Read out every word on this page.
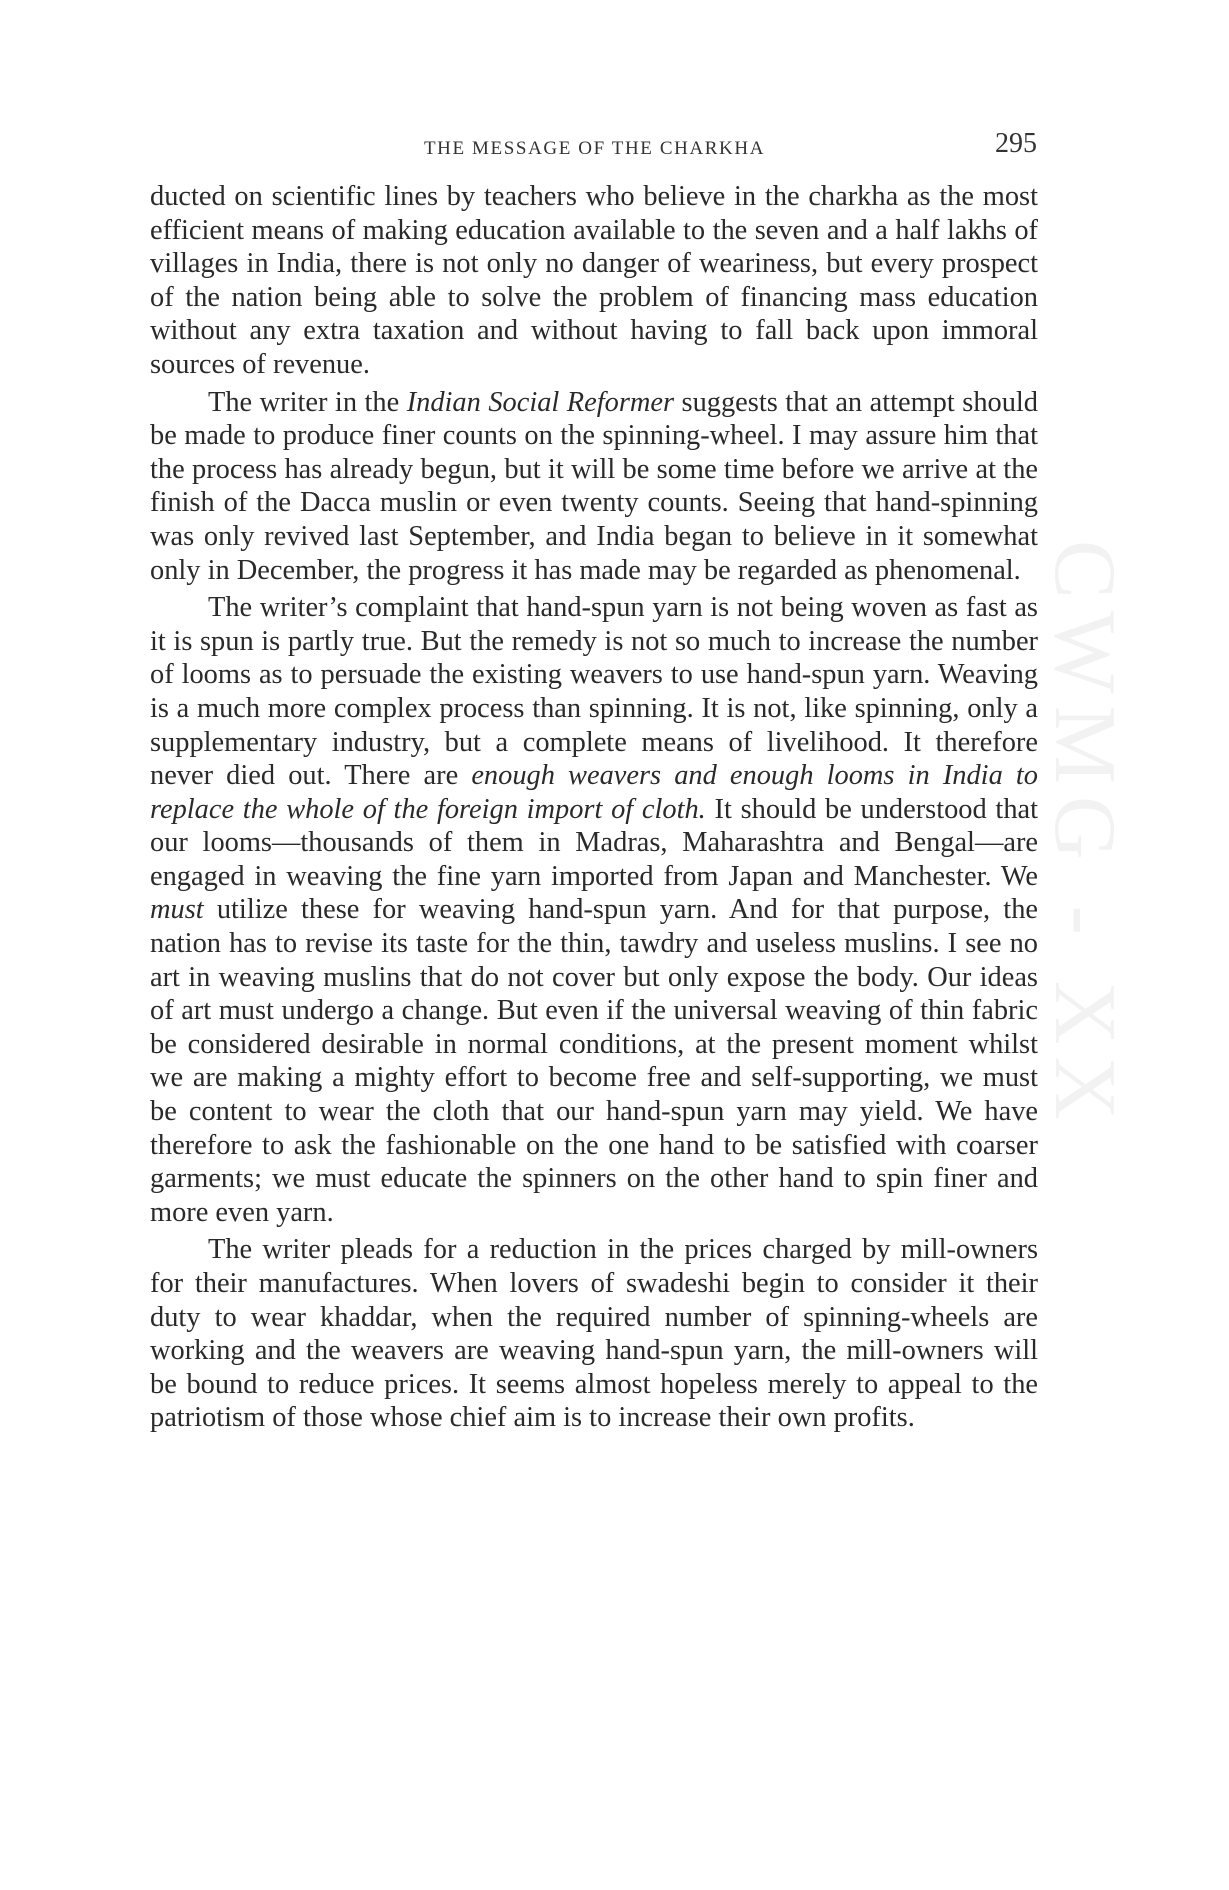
THE MESSAGE OF THE CHARKHA	295
CWMG - XX

ducted on scientific lines by teachers who believe in the charkha as the most efficient means of making education available to the seven and a half lakhs of villages in India, there is not only no danger of weariness, but every prospect of the nation being able to solve the problem of financing mass education without any extra taxation and without having to fall back upon immoral sources of revenue.

The writer in the Indian Social Reformer suggests that an attempt should be made to produce finer counts on the spinning-wheel. I may assure him that the process has already begun, but it will be some time before we arrive at the finish of the Dacca muslin or even twenty counts. Seeing that hand-spinning was only revived last September, and India began to believe in it somewhat only in December, the progress it has made may be regarded as phenomenal.

The writer’s complaint that hand-spun yarn is not being woven as fast as it is spun is partly true. But the remedy is not so much to increase the number of looms as to persuade the existing weavers to use hand-spun yarn. Weaving is a much more complex process than spinning. It is not, like spinning, only a supplementary industry, but a complete means of livelihood. It therefore never died out. There are enough weavers and enough looms in India to replace the whole of the foreign import of cloth. It should be understood that our looms—thousands of them in Madras, Maharashtra and Bengal—are engaged in weaving the fine yarn imported from Japan and Manchester. We must utilize these for weaving hand-spun yarn. And for that purpose, the nation has to revise its taste for the thin, tawdry and useless muslins. I see no art in weaving muslins that do not cover but only expose the body. Our ideas of art must undergo a change. But even if the universal weaving of thin fabric be considered desirable in normal conditions, at the present moment whilst we are making a mighty effort to become free and self-supporting, we must be content to wear the cloth that our hand-spun yarn may yield. We have therefore to ask the fashionable on the one hand to be satisfied with coarser garments; we must educate the spinners on the other hand to spin finer and more even yarn.

The writer pleads for a reduction in the prices charged by mill-owners for their manufactures. When lovers of swadeshi begin to consider it their duty to wear khaddar, when the required number of spinning-wheels are working and the weavers are weaving hand-spun yarn, the mill-owners will be bound to reduce prices. It seems almost hopeless merely to appeal to the patriotism of those whose chief aim is to increase their own profits.
